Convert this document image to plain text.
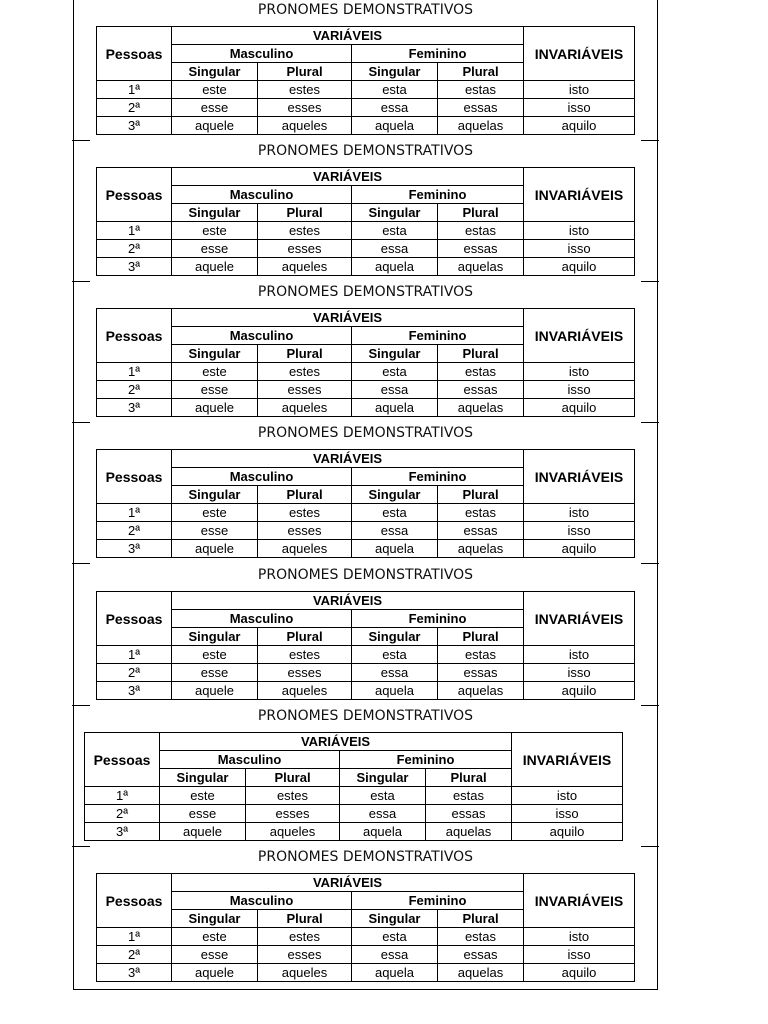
PRONOMES DEMONSTRATIVOS
Pessoas	VARIÁVEIS				INVARIÁVEIS
	Masculino		Feminino		
	Singular	Plural	Singular	Plural	
1ª	este	estes	esta	estas	isto
2ª	esse	esses	essa	essas	isso
3ª	aquele	aqueles	aquela	aquelas	aquilo
PRONOMES DEMONSTRATIVOS
Pessoas	VARIÁVEIS				INVARIÁVEIS
	Masculino		Feminino		
	Singular	Plural	Singular	Plural	
1ª	este	estes	esta	estas	isto
2ª	esse	esses	essa	essas	isso
3ª	aquele	aqueles	aquela	aquelas	aquilo
PRONOMES DEMONSTRATIVOS
Pessoas	VARIÁVEIS				INVARIÁVEIS
	Masculino		Feminino		
	Singular	Plural	Singular	Plural	
1ª	este	estes	esta	estas	isto
2ª	esse	esses	essa	essas	isso
3ª	aquele	aqueles	aquela	aquelas	aquilo
PRONOMES DEMONSTRATIVOS
Pessoas	VARIÁVEIS				INVARIÁVEIS
	Masculino		Feminino		
	Singular	Plural	Singular	Plural	
1ª	este	estes	esta	estas	isto
2ª	esse	esses	essa	essas	isso
3ª	aquele	aqueles	aquela	aquelas	aquilo
PRONOMES DEMONSTRATIVOS
Pessoas	VARIÁVEIS				INVARIÁVEIS
	Masculino		Feminino		
	Singular	Plural	Singular	Plural	
1ª	este	estes	esta	estas	isto
2ª	esse	esses	essa	essas	isso
3ª	aquele	aqueles	aquela	aquelas	aquilo
PRONOMES DEMONSTRATIVOS
Pessoas	VARIÁVEIS				INVARIÁVEIS
	Masculino		Feminino		
	Singular	Plural	Singular	Plural	
1ª	este	estes	esta	estas	isto
2ª	esse	esses	essa	essas	isso
3ª	aquele	aqueles	aquela	aquelas	aquilo
PRONOMES DEMONSTRATIVOS
Pessoas	VARIÁVEIS				INVARIÁVEIS
	Masculino		Feminino		
	Singular	Plural	Singular	Plural	
1ª	este	estes	esta	estas	isto
2ª	esse	esses	essa	essas	isso
3ª	aquele	aqueles	aquela	aquelas	aquilo
